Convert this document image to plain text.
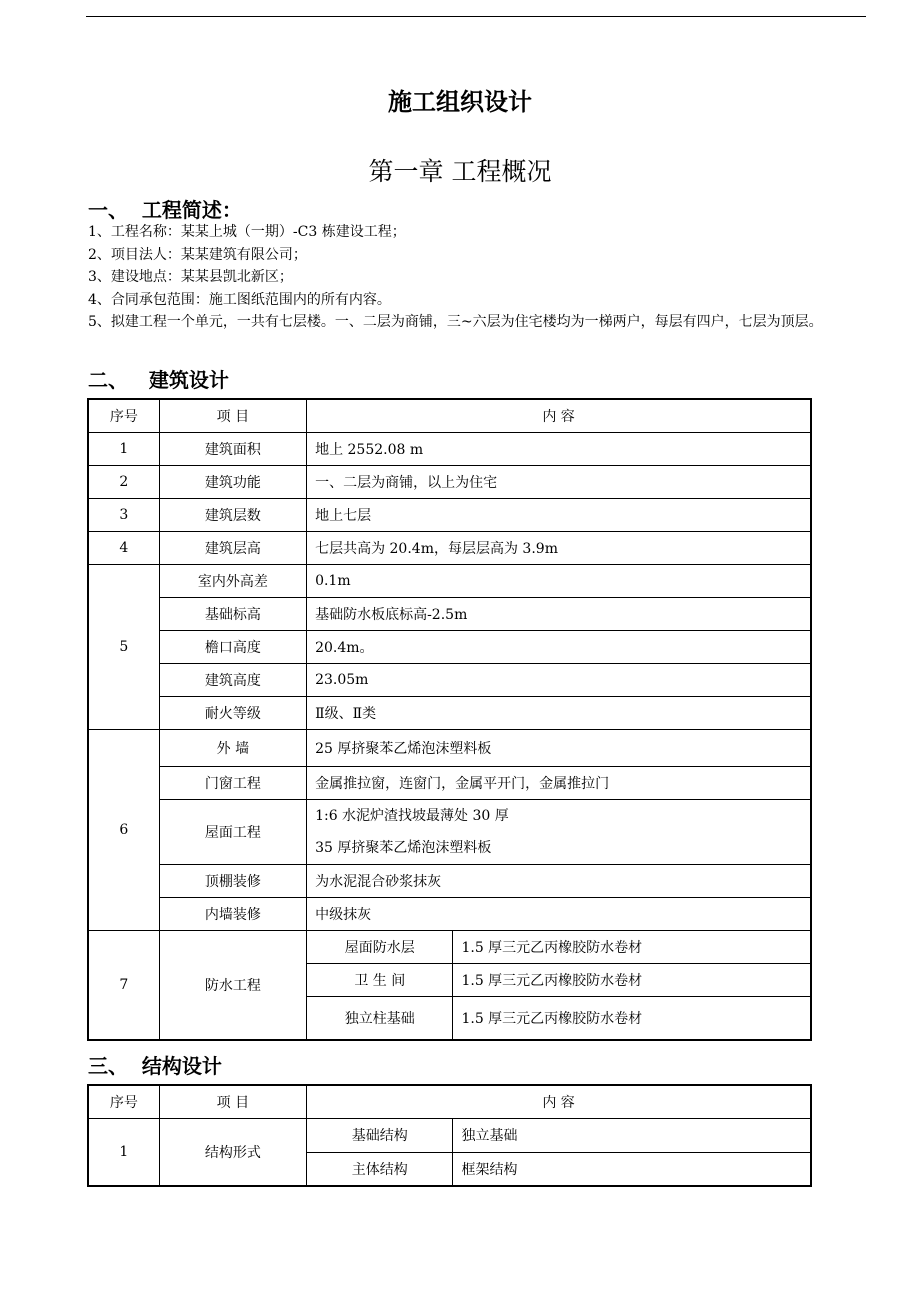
施工组织设计
第一章 工程概况
一、  工程简述：

1、工程名称：某某上城（一期）-C3 栋建设工程；

2、项目法人：某某建筑有限公司；

3、建设地点：某某县凯北新区；

4、合同承包范围：施工图纸范围内的所有内容。

5、拟建工程一个单元，一共有七层楼。一、二层为商铺，三~六层为住宅楼均为一梯两户，每层有四户，七层为顶层。

二、   建筑设计
序号	项 目	内 容	
1	建筑面积	地上 2552.08 m	
2	建筑功能	一、二层为商铺，以上为住宅	
3	建筑层数	地上七层	
4	建筑层高	七层共高为 20.4m，每层层高为 3.9m	
5	室内外高差	0.1m	
	基础标高	基础防水板底标高-2.5m	
	檐口高度	20.4m。	
	建筑高度	23.05m	
	耐火等级	Ⅱ级、Ⅱ类	
6	外 墙	25 厚挤聚苯乙烯泡沫塑料板	
	门窗工程	金属推拉窗，连窗门，金属平开门，金属推拉门	
	屋面工程	1:6 水泥炉渣找坡最薄处 30 厚
35 厚挤聚苯乙烯泡沫塑料板	

	顶棚装修	为水泥混合砂浆抹灰	
	内墙装修	中级抹灰	
7	防水工程	屋面防水层	1.5 厚三元乙丙橡胶防水卷材
		卫 生 间	1.5 厚三元乙丙橡胶防水卷材
		独立柱基础	1.5 厚三元乙丙橡胶防水卷材
三、  结构设计
序号	项 目	内 容	
1	结构形式	基础结构	独立基础
		主体结构	框架结构
